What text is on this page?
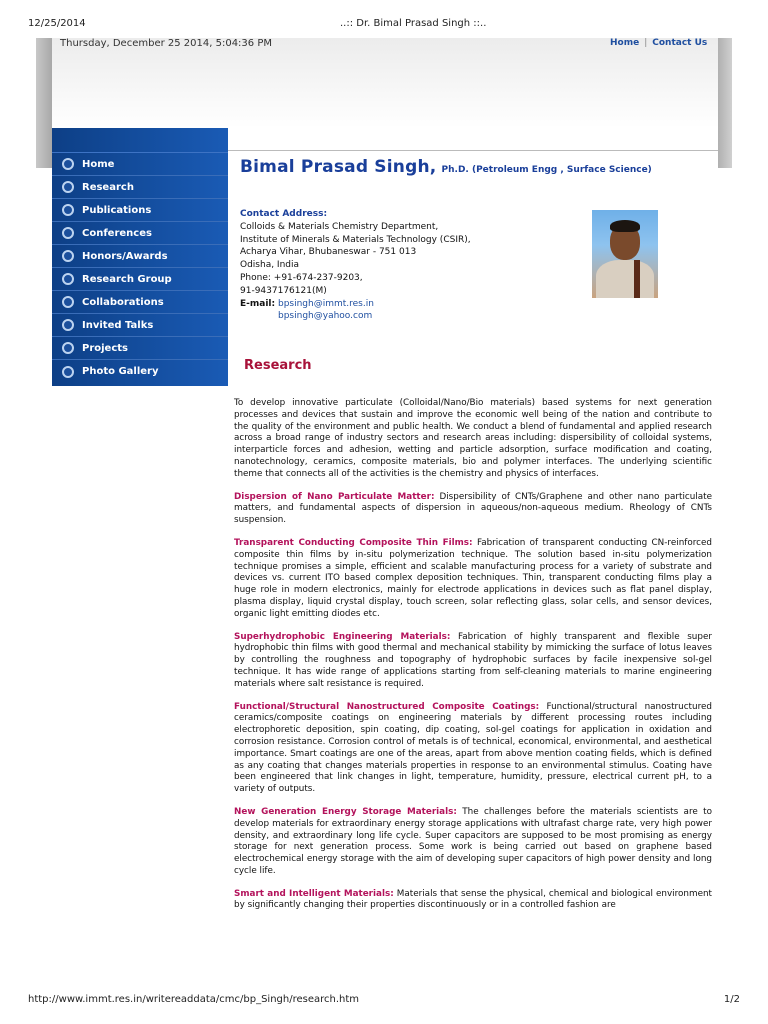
12/25/2014	..:: Dr. Bimal Prasad Singh ::..
http://www.immt.res.in/writereaddata/cmc/bp_Singh/research.htm	1/2
Thursday, December 25 2014, 5:04:36 PM	Home | Contact Us
Home
Research
Publications
Conferences
Honors/Awards
Research Group
Collaborations
Invited Talks
Projects
Photo Gallery
Bimal Prasad Singh, Ph.D. (Petroleum Engg , Surface Science)
Contact Address:
Colloids & Materials Chemistry Department,
Institute of Minerals & Materials Technology (CSIR),
Acharya Vihar, Bhubaneswar - 751 013
Odisha, India
Phone: +91-674-237-9203,
91-9437176121(M)
E-mail: bpsingh@immt.res.in
bpsingh@yahoo.com
Research

To develop innovative particulate (Colloidal/Nano/Bio materials) based systems for next generation processes and devices that sustain and improve the economic well being of the nation and contribute to the quality of the environment and public health. We conduct a blend of fundamental and applied research across a broad range of industry sectors and research areas including: dispersibility of colloidal systems, interparticle forces and adhesion, wetting and particle adsorption, surface modification and coating, nanotechnology, ceramics, composite materials, bio and polymer interfaces. The underlying scientific theme that connects all of the activities is the chemistry and physics of interfaces.

Dispersion of Nano Particulate Matter: Dispersibility of CNTs/Graphene and other nano particulate matters, and fundamental aspects of dispersion in aqueous/non-aqueous medium. Rheology of CNTs suspension.

Transparent Conducting Composite Thin Films: Fabrication of transparent conducting CN-reinforced composite thin films by in-situ polymerization technique. The solution based in-situ polymerization technique promises a simple, efficient and scalable manufacturing process for a variety of substrate and devices vs. current ITO based complex deposition techniques. Thin, transparent conducting films play a huge role in modern electronics, mainly for electrode applications in devices such as flat panel display, plasma display, liquid crystal display, touch screen, solar reflecting glass, solar cells, and sensor devices, organic light emitting diodes etc.

Superhydrophobic Engineering Materials: Fabrication of highly transparent and flexible super hydrophobic thin films with good thermal and mechanical stability by mimicking the surface of lotus leaves by controlling the roughness and topography of hydrophobic surfaces by facile inexpensive sol-gel technique. It has wide range of applications starting from self-cleaning materials to marine engineering materials where salt resistance is required.

Functional/Structural Nanostructured Composite Coatings: Functional/structural nanostructured ceramics/composite coatings on engineering materials by different processing routes including electrophoretic deposition, spin coating, dip coating, sol-gel coatings for application in oxidation and corrosion resistance. Corrosion control of metals is of technical, economical, environmental, and aesthetical importance. Smart coatings are one of the areas, apart from above mention coating fields, which is defined as any coating that changes materials properties in response to an environmental stimulus. Coating have been engineered that link changes in light, temperature, humidity, pressure, electrical current pH, to a variety of outputs.

New Generation Energy Storage Materials: The challenges before the materials scientists are to develop materials for extraordinary energy storage applications with ultrafast charge rate, very high power density, and extraordinary long life cycle. Super capacitors are supposed to be most promising as energy storage for next generation process. Some work is being carried out based on graphene based electrochemical energy storage with the aim of developing super capacitors of high power density and long cycle life.

Smart and Intelligent Materials: Materials that sense the physical, chemical and biological environment by significantly changing their properties discontinuously or in a controlled fashion are
